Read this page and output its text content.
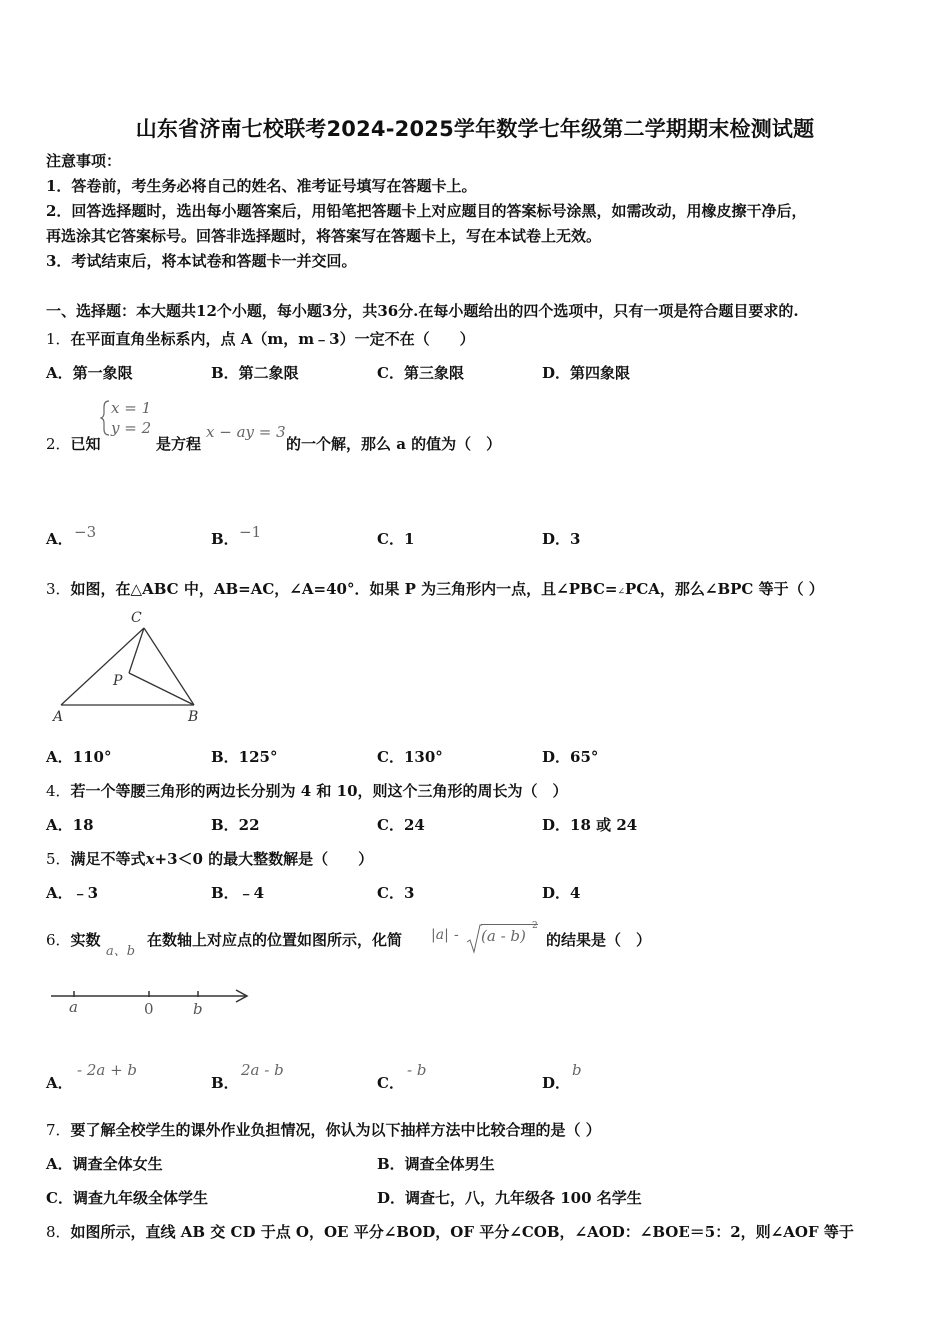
山东省济南七校联考2024-2025学年数学七年级第二学期期末检测试题
注意事项：
1．答卷前，考生务必将自己的姓名、准考证号填写在答题卡上。
2．回答选择题时，选出每小题答案后，用铅笔把答题卡上对应题目的答案标号涂黑，如需改动，用橡皮擦干净后，
再选涂其它答案标号。回答非选择题时，将答案写在答题卡上，写在本试卷上无效。
3．考试结束后，将本试卷和答题卡一并交回。
一、选择题：本大题共12个小题，每小题3分，共36分.在每小题给出的四个选项中，只有一项是符合题目要求的.
1．在平面直角坐标系内，点 A（m，m﹣3）一定不在（　　）
A．第一象限	B．第二象限	C．第三象限	D．第四象限
2．已知
x = 1
y = 2
是方程
x − ay = 3
的一个解，那么 a 的值为（　）
A． −3	B． −1	C．1	D．3
3．如图，在△ABC 中，AB=AC，∠A=40°．如果 P 为三角形内一点，且∠PBC=∠PCA，那么∠BPC 等于（ ）
C
P
A	B
A．110°	B．125°	C．130°	D．65°
4．若一个等腰三角形的两边长分别为 4 和 10，则这个三角形的周长为（　）
A．18	B．22	C．24	D．18 或 24
5．满足不等式x+3＜0 的最大整数解是（　　）
A．﹣3	B．﹣4	C．3	D．4
6．实数
a、b
在数轴上对应点的位置如图所示，化简 |a| - (a - b)
2
的结果是（　）
a	0	b
A．
- 2a + b
B．
2a - b
C．
- b
D．
b
7．要了解全校学生的课外作业负担情况，你认为以下抽样方法中比较合理的是（ ）
A．调查全体女生	B．调查全体男生
C．调查九年级全体学生	D．调查七，八，九年级各 100 名学生
8．如图所示，直线 AB 交 CD 于点 O，OE 平分∠BOD，OF 平分∠COB，∠AOD：∠BOE＝5：2，则∠AOF 等于
